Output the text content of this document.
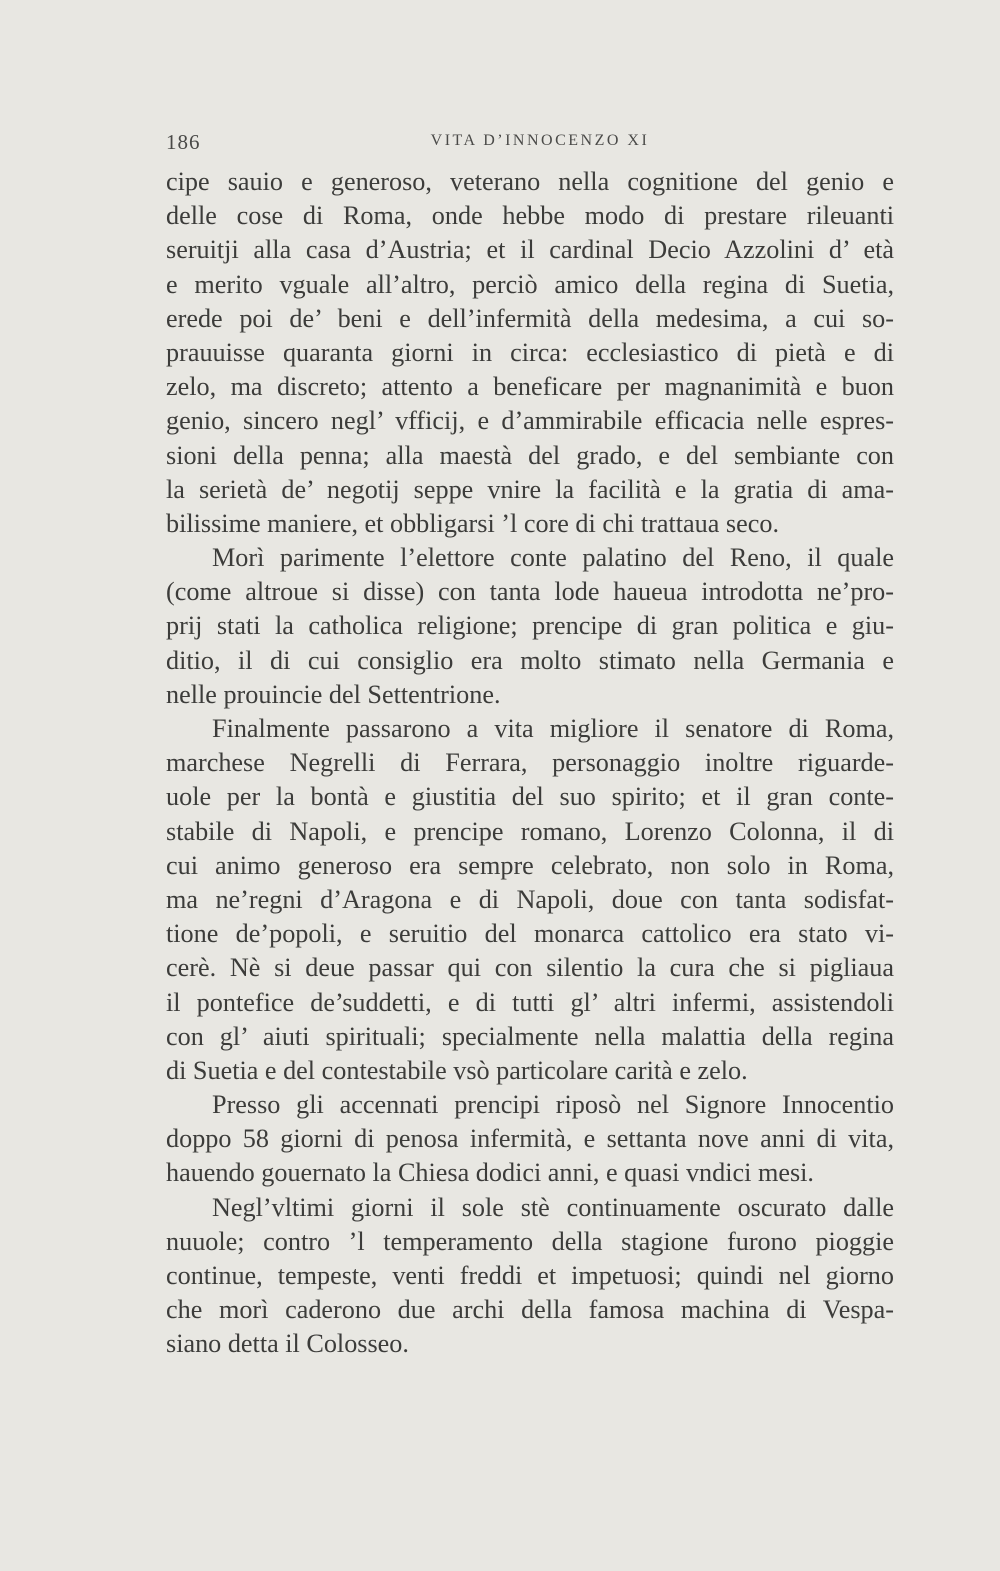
186	VITA D’INNOCENZO XI
cipe sauio e generoso, veterano nella cognitione del genio e
delle cose di Roma, onde hebbe modo di prestare rileuanti
seruitji alla casa d’Austria; et il cardinal Decio Azzolini d’ età
e merito vguale all’altro, perciò amico della regina di Suetia,
erede poi de’ beni e dell’infermità della medesima, a cui so-
prauuisse quaranta giorni in circa: ecclesiastico di pietà e di
zelo, ma discreto; attento a beneficare per magnanimità e buon
genio, sincero negl’ vfficij, e d’ammirabile efficacia nelle espres-
sioni della penna; alla maestà del grado, e del sembiante con
la serietà de’ negotij seppe vnire la facilità e la gratia di ama-
bilissime maniere, et obbligarsi ’l core di chi trattaua seco.
Morì parimente l’elettore conte palatino del Reno, il quale
(come altroue si disse) con tanta lode haueua introdotta ne’pro-
prij stati la catholica religione; prencipe di gran politica e giu-
ditio, il di cui consiglio era molto stimato nella Germania e
nelle prouincie del Settentrione.
Finalmente passarono a vita migliore il senatore di Roma,
marchese Negrelli di Ferrara, personaggio inoltre riguarde-
uole per la bontà e giustitia del suo spirito; et il gran conte-
stabile di Napoli, e prencipe romano, Lorenzo Colonna, il di
cui animo generoso era sempre celebrato, non solo in Roma,
ma ne’regni d’Aragona e di Napoli, doue con tanta sodisfat-
tione de’popoli, e seruitio del monarca cattolico era stato vi-
cerè. Nè si deue passar qui con silentio la cura che si pigliaua
il pontefice de’suddetti, e di tutti gl’ altri infermi, assistendoli
con gl’ aiuti spirituali; specialmente nella malattia della regina
di Suetia e del contestabile vsò particolare carità e zelo.
Presso gli accennati prencipi riposò nel Signore Innocentio
doppo 58 giorni di penosa infermità, e settanta nove anni di vita,
hauendo gouernato la Chiesa dodici anni, e quasi vndici mesi.
Negl’vltimi giorni il sole stè continuamente oscurato dalle
nuuole; contro ’l temperamento della stagione furono pioggie
continue, tempeste, venti freddi et impetuosi; quindi nel giorno
che morì caderono due archi della famosa machina di Vespa-
siano detta il Colosseo.
